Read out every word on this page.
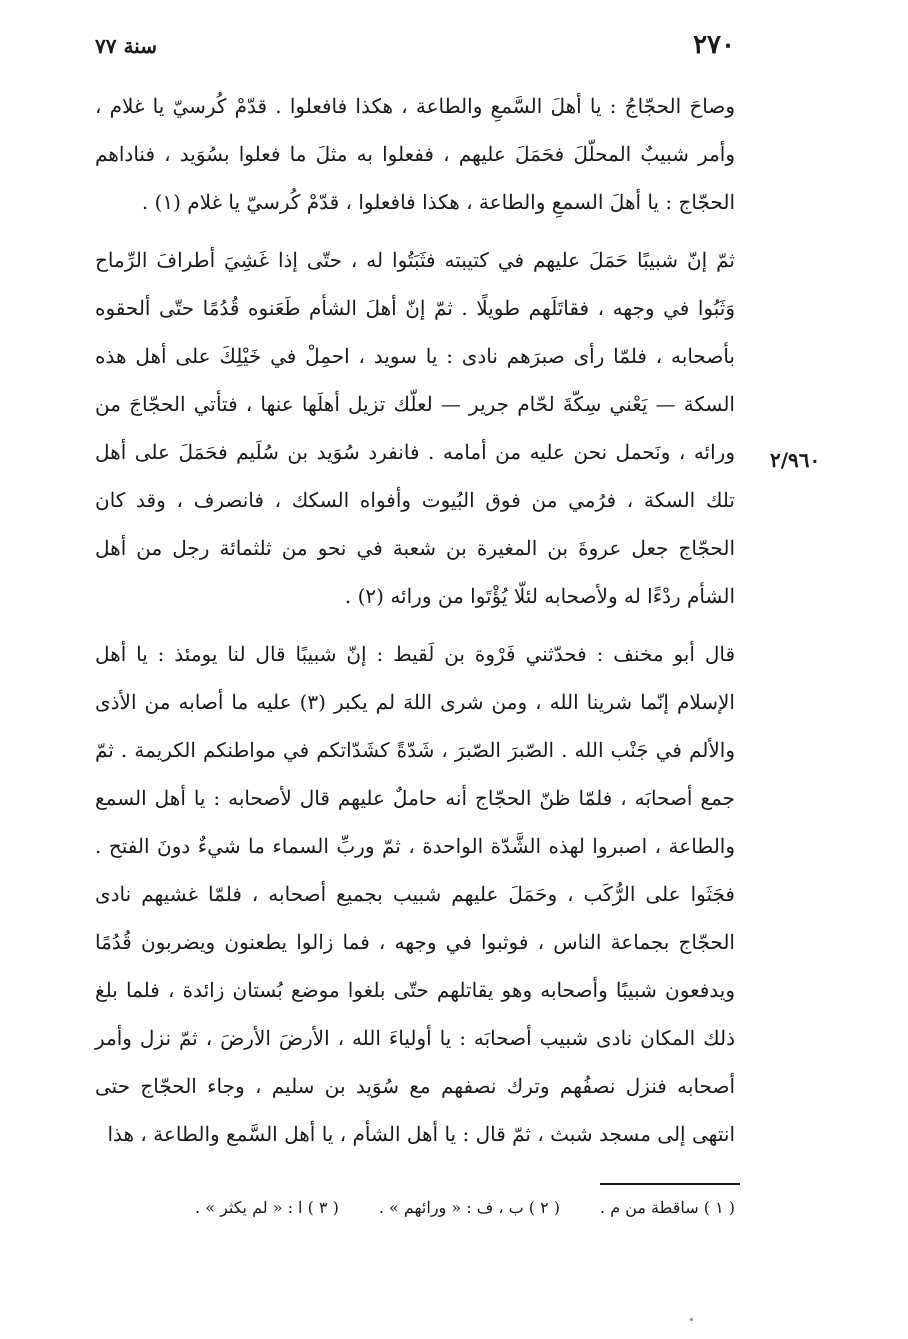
٢٧٠
سنة ٧٧
٢/٩٦٠

وصاحَ الحجّاجُ : يا أهلَ السَّمعِ والطاعة ، هكذا فافعلوا . قدّمْ كُرسيّ يا غلام ، وأمر شبيبٌ المحلّلَ فحَمَلَ عليهم ، ففعلوا به مثلَ ما فعلوا بسُوَيد ، فناداهم الحجّاج : يا أهلَ السمعِ والطاعة ، هكذا فافعلوا ، قدّمْ كُرسيّ يا غلام (١) .

ثمّ إنّ شبيبًا حَمَلَ عليهم في كتيبته فثَبَتُوا له ، حتّى إذا غَشِيَ أطرافَ الرِّماح وَثَبُوا في وجهه ، فقاتَلَهم طويلًا . ثمّ إنّ أهلَ الشأم طَعَنوه قُدُمًا حتّى ألحقوه بأصحابه ، فلمّا رأى صبرَهم نادى : يا سويد ، احمِلْ في خَيْلِكَ على أهل هذه السكة — يَعْني سِكّةَ لحّام جرير — لعلّك تزيل أهلَها عنها ، فتأتي الحجّاجَ من ورائه ، ونَحمل نحن عليه من أمامه . فانفرد سُوَيد بن سُلَيم فحَمَلَ على أهل تلك السكة ، فرُمي من فوق البُيوت وأفواه السكك ، فانصرف ، وقد كان الحجّاج جعل عروةَ بن المغيرة بن شعبة في نحو من ثلثمائة رجل من أهل الشأم ردْءًا له ولأصحابه لئلّا يُؤْتَوا من ورائه (٢) .

قال أبو مخنف : فحدّثني فَرْوة بن لَقيط : إنّ شبيبًا قال لنا يومئذ : يا أهل الإسلام إنّما شرينا الله ، ومن شرى اللهَ لم يكبر (٣) عليه ما أصابه من الأذى والألم في جَنْب الله . الصّبرَ الصّبرَ ، شَدّةً كشَدّاتكم في مواطنكم الكريمة . ثمّ جمع أصحابَه ، فلمّا ظنّ الحجّاج أنه حاملٌ عليهم قال لأصحابه : يا أهل السمع والطاعة ، اصبروا لهذه الشَّدّة الواحدة ، ثمّ وربِّ السماء ما شيءٌ دونَ الفتح . فجَثَوا على الرُّكَب ، وحَمَلَ عليهم شبيب بجميع أصحابه ، فلمّا غشيهم نادى الحجّاج بجماعة الناس ، فوثبوا في وجهه ، فما زالوا يطعنون ويضربون قُدُمًا ويدفعون شبيبًا وأصحابه وهو يقاتلهم حتّى بلغوا موضع بُستان زائدة ، فلما بلغ ذلك المكان نادى شبيب أصحابَه : يا أولياءَ الله ، الأرضَ الأرضَ ، ثمّ نزل وأمر أصحابه فنزل نصفُهم وترك نصفهم مع سُوَيد بن سليم ، وجاء الحجّاج حتى انتهى إلى مسجد شبث ، ثمّ قال : يا أهل الشأم ، يا أهل السَّمع والطاعة ، هذا

( ١ ) ساقطة من م .
( ٢ ) ب ، ف : « ورائهم » .
( ٣ ) ا : « لم يكثر » .
